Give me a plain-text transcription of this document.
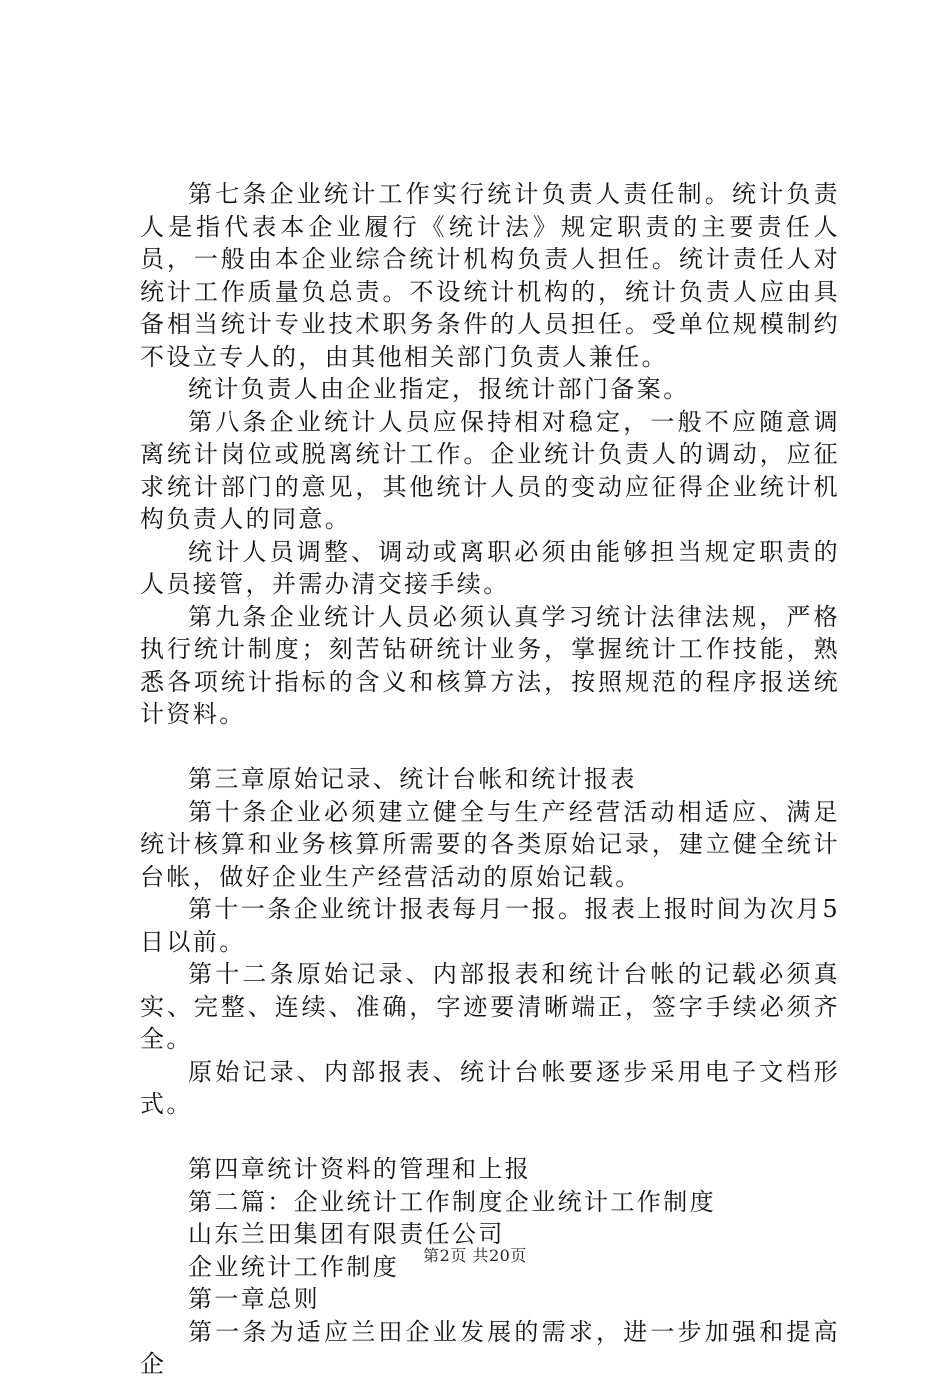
第七条企业统计工作实行统计负责人责任制。统计负责人是指代表本企业履行《统计法》规定职责的主要责任人员，一般由本企业综合统计机构负责人担任。统计责任人对统计工作质量负总责。不设统计机构的，统计负责人应由具备相当统计专业技术职务条件的人员担任。受单位规模制约不设立专人的，由其他相关部门负责人兼任。

统计负责人由企业指定，报统计部门备案。

第八条企业统计人员应保持相对稳定，一般不应随意调离统计岗位或脱离统计工作。企业统计负责人的调动，应征求统计部门的意见，其他统计人员的变动应征得企业统计机构负责人的同意。

统计人员调整、调动或离职必须由能够担当规定职责的人员接管，并需办清交接手续。

第九条企业统计人员必须认真学习统计法律法规，严格执行统计制度；刻苦钻研统计业务，掌握统计工作技能，熟悉各项统计指标的含义和核算方法，按照规范的程序报送统计资料。

第三章原始记录、统计台帐和统计报表

第十条企业必须建立健全与生产经营活动相适应、满足统计核算和业务核算所需要的各类原始记录，建立健全统计台帐，做好企业生产经营活动的原始记载。

第十一条企业统计报表每月一报。报表上报时间为次月5日以前。

第十二条原始记录、内部报表和统计台帐的记载必须真实、完整、连续、准确，字迹要清晰端正，签字手续必须齐全。

原始记录、内部报表、统计台帐要逐步采用电子文档形式。

第四章统计资料的管理和上报

第二篇：企业统计工作制度企业统计工作制度

山东兰田集团有限责任公司

企业统计工作制度

第一章总则

第一条为适应兰田企业发展的需求，进一步加强和提高企

第2页 共20页
